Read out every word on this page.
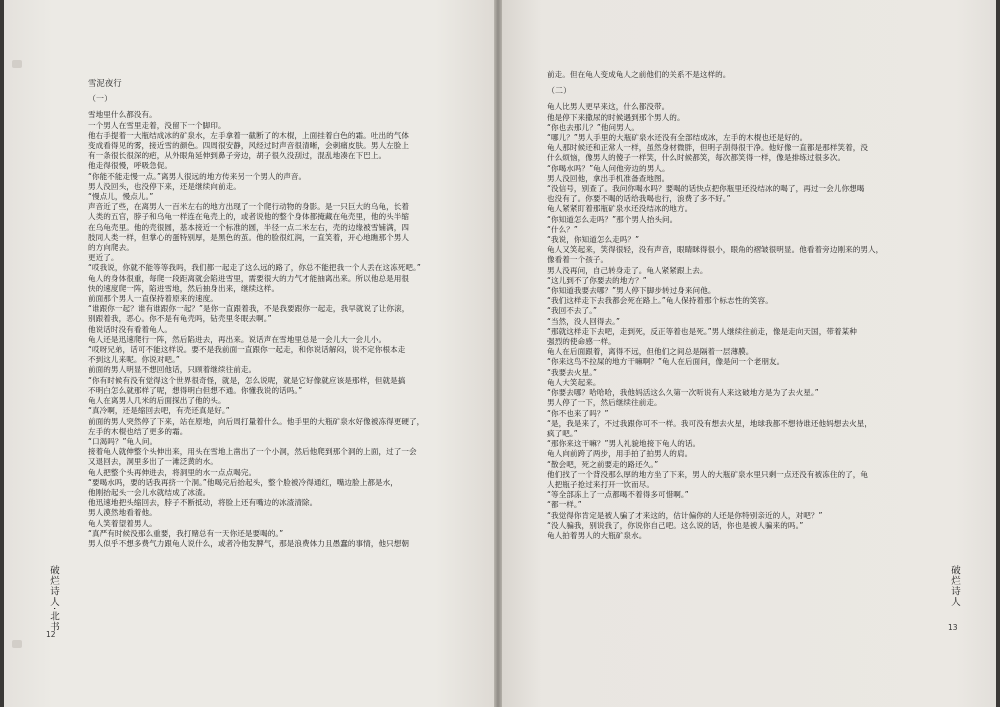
​

雪泥夜行

（一）

雪地里什么都没有。

一个男人在雪里走着，没留下一个脚印。

他右手提着一大瓶结成冰的矿泉水，左手拿着一截断了的木棍，上面挂着白色的霜。吐出的气体

变成看得见的雾，接近雪的颜色。四周很安静，风经过时声音很清晰，会刺痛皮肤。男人左脸上

有一条很长很深的疤，从外眼角延伸到鼻子旁边，胡子很久没刮过，混乱地凑在下巴上。

他走得很慢，呼吸急促。

“你能不能走慢一点。”离男人很远的地方传来另一个男人的声音。

男人没回头，也没停下来，还是继续向前走。

“慢点儿，慢点儿。”

声音近了些，在离男人一百米左右的地方出现了一个爬行动物的身影。是一只巨大的乌龟，长着

人类的五官，脖子和乌龟一样连在龟壳上的，或者说他的整个身体都掩藏在龟壳里，他的头半缩

在乌龟壳里。他的壳很圆，基本接近一个标准的圆，半径一点二米左右，壳的边缘被雪铺满，四

肢同人类一样，但掌心的蛋特别厚，是黑色的茧。他的脸很红润，一直笑着，开心地瞧那个男人

的方向爬去。

更近了。

“哎我说，你就不能等等我吗，我们都一起走了这么远的路了，你总不能把我一个人丢在这冻死吧。”

龟人的身体很重，每爬一段距离就会陷进雪里，需要很大的力气才能抽离出来。所以他总是用很

快的速度爬一阵，陷进雪地，然后抽身出来，继续这样。

前面那个男人一直保持着原来的速度。

“谁跟你一起？谁有谁跟你一起？”是你一直跟着我，不是我要跟你一起走，我早就说了让你滚，

别跟着我，恶心。你不是有龟壳吗，钻壳里冬眠去啊。”

他说话时没有看着龟人。

龟人还是迅速爬行一阵，然后陷进去，再出来。说话声在雪地里总是一会儿大一会儿小。

“哎呀兄弟，话可不能这样说。要不是我前面一直跟你一起走，和你说话解闷，说不定你根本走

不到这儿来呢。你说对吧。”

前面的男人明显不想回他话，只顾着继续往前走。

“你有时候有没有觉得这个世界很奇怪，就是，怎么说呢，就是它好像就应该是那样，但就是搞

不明白怎么就那样了呢，想得明白但想不通。你懂我说的话吗。”

龟人在离男人几米的后面探出了他的头。

“真冷啊，还是缩回去吧，有壳还真是好。”

前面的男人突然停了下来，站在原地，向后周打量着什么。他手里的大瓶矿泉水好像被冻得更硬了，

左手的木棍也结了更多的霜。

“口渴吗？”龟人问。

接着龟人就伸整个头伸出来，用头在雪地上凿出了一个小洞，然后他爬到那个洞的上面，过了一会

又退回去，洞里多出了一滩泛黄的水。

龟人把整个头再伸进去，将洞里的水一点点喝完。

“要喝水吗，要的话我再挤一个洞。”他喝完后抬起头，整个脸被冷得通红，嘴边脸上都是水，

他刚抬起头一会儿水就结成了冰渣。

他迅速地把头缩回去，脖子不断抵动，将脸上还有嘴边的冰渣清除。

男人漠然地看着他。

龟人笑着望着男人。

“真严有时候没那么重要，我打赌总有一天你还是要喝的。”

男人似乎不想多费气力跟龟人说什么，或者冷他发脾气，那是浪费体力且愚蠢的事情，他只想朝

破烂诗人·北书
12

前走。但在龟人变成龟人之前他们的关系不是这样的。

（二）

龟人比男人更早来这，什么都没带。

他是停下来撒尿的时候遇到那个男人的。

“你也去那儿？”他问男人。

“哪儿？”男人手里的大瓶矿泉水还没有全部结成冰，左手的木棍也还是好的。

龟人那时候还和正常人一样，虽然身材微胖，但明子刮得很干净。他好像一直都是那样笑着，没

什么烦恼，像男人的傻子一样笑，什么时候都笑，每次都笑得一样，像是排练过很多次。

“你喝水吗？”龟人问他旁边的男人。

男人没回他，拿出手机准备查地图。

“没信号，别查了。我问你喝水吗？要喝的话快点把你瓶里还没结冰的喝了，再过一会儿你想喝

也没有了。你要不喝的话给我喝也行，浪费了多不好。”

龟人紧紧盯着那瓶矿泉水还没结冰的地方。

“你知道怎么走吗？”那个男人抬头问。

“什么？”

“我说，你知道怎么走吗？”

龟人又笑起来，笑得很轻，没有声音，眼睛眯得很小，眼角的褶皱很明显。他看着旁边刚来的男人，

像看着一个孩子。

男人没再问，自己转身走了。龟人紧紧跟上去。

“这儿到不了你要去的地方？”

“你知道我要去哪？”男人停下脚步转过身来问他。

“我们这样走下去我都会死在路上。”龟人保持着那个标志性的笑容。

“我回不去了。”

“当然，没人回得去。”

“那就这样走下去吧，走到死，反正等着也是死。”男人继续往前走，像是走向天国，带着某种

强烈的使命感一样。

龟人在后面跟着，离得不远，但他们之间总是隔着一层薄膜。

“你来这鸟不拉屎的地方干嘛啊？”龟人在后面问，像是问一个老朋友。

“我要去火星。”

龟人大笑起来。

“你要去哪？哈哈哈，我他妈活这么久第一次听说有人来这破地方是为了去火星。”

男人停了一下，然后继续往前走。

“你不也来了吗？”

“是，我是来了，不过我跟你可不一样。我可没有想去火星，地球我都不想待谁还他妈想去火星，

疯了吧。”

“那你来这干嘛？”男人礼貌地接下龟人的话。

龟人向前跨了两步，用手拍了拍男人的肩。

“散会吧，死之前要走的路还久。”

他们找了一个背没那么厚的地方坐了下来，男人的大瓶矿泉水里只剩一点还没有被冻住的了，龟

人把瓶子抢过来打开一饮而尽。

“等全部冻上了一点都喝不着得多可惜啊。”

“都一样。”

“我觉得你肯定是被人骗了才来这的，估计偏你的人还是你特别亲近的人，对吧？”

“没人骗我，别说我了，你说你自己吧。这么说的话，你也是被人骗来的吗。”

龟人拍着男人的大瓶矿泉水。

破烂诗人
13
